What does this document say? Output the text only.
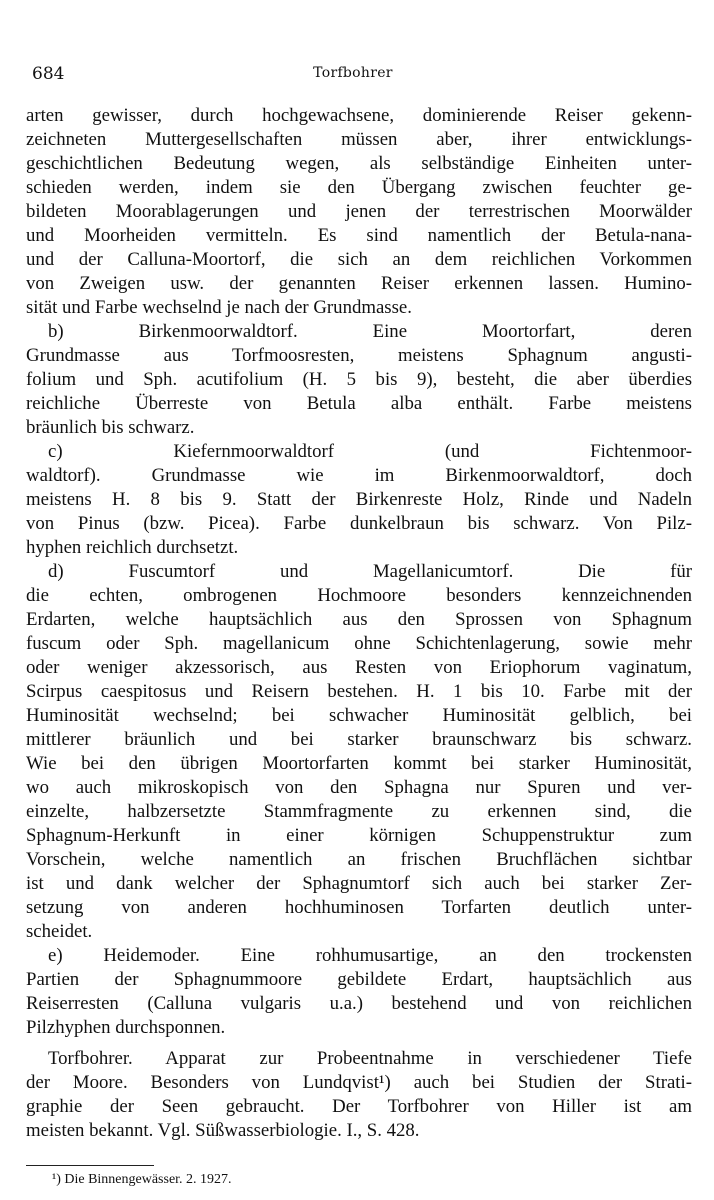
684	Torfbohrer
arten gewisser, durch hochgewachsene, dominierende Reiser gekenn-
zeichneten Muttergesellschaften müssen aber, ihrer entwicklungs-
geschichtlichen Bedeutung wegen, als selbständige Einheiten unter-
schieden werden, indem sie den Übergang zwischen feuchter ge-
bildeten Moorablagerungen und jenen der terrestrischen Moorwälder
und Moorheiden vermitteln. Es sind namentlich der Betula-nana-
und der Calluna-Moortorf, die sich an dem reichlichen Vorkommen
von Zweigen usw. der genannten Reiser erkennen lassen. Humino-
sität und Farbe wechselnd je nach der Grundmasse.
b) Birkenmoorwaldtorf. Eine Moortorfart, deren
Grundmasse aus Torfmoosresten, meistens Sphagnum angusti-
folium und Sph. acutifolium (H. 5 bis 9), besteht, die aber überdies
reichliche Überreste von Betula alba enthält. Farbe meistens
bräunlich bis schwarz.
c) Kiefernmoorwaldtorf (und Fichtenmoor-
waldtorf). Grundmasse wie im Birkenmoorwaldtorf, doch
meistens H. 8 bis 9. Statt der Birkenreste Holz, Rinde und Nadeln
von Pinus (bzw. Picea). Farbe dunkelbraun bis schwarz. Von Pilz-
hyphen reichlich durchsetzt.
d) Fuscumtorf und Magellanicumtorf. Die für
die echten, ombrogenen Hochmoore besonders kennzeichnenden
Erdarten, welche hauptsächlich aus den Sprossen von Sphagnum
fuscum oder Sph. magellanicum ohne Schichtenlagerung, sowie mehr
oder weniger akzessorisch, aus Resten von Eriophorum vaginatum,
Scirpus caespitosus und Reisern bestehen. H. 1 bis 10. Farbe mit der
Huminosität wechselnd; bei schwacher Huminosität gelblich, bei
mittlerer bräunlich und bei starker braunschwarz bis schwarz.
Wie bei den übrigen Moortorfarten kommt bei starker Huminosität,
wo auch mikroskopisch von den Sphagna nur Spuren und ver-
einzelte, halbzersetzte Stammfragmente zu erkennen sind, die
Sphagnum-Herkunft in einer körnigen Schuppenstruktur zum
Vorschein, welche namentlich an frischen Bruchflächen sichtbar
ist und dank welcher der Sphagnumtorf sich auch bei starker Zer-
setzung von anderen hochhuminosen Torfarten deutlich unter-
scheidet.
e) Heidemoder. Eine rohhumusartige, an den trockensten
Partien der Sphagnummoore gebildete Erdart, hauptsächlich aus
Reiserresten (Calluna vulgaris u.a.) bestehend und von reichlichen
Pilzhyphen durchsponnen.
Torfbohrer. Apparat zur Probeentnahme in verschiedener Tiefe
der Moore. Besonders von Lundqvist¹) auch bei Studien der Strati-
graphie der Seen gebraucht. Der Torfbohrer von Hiller ist am
meisten bekannt. Vgl. Süßwasserbiologie. I., S. 428.
¹) Die Binnengewässer. 2. 1927.
